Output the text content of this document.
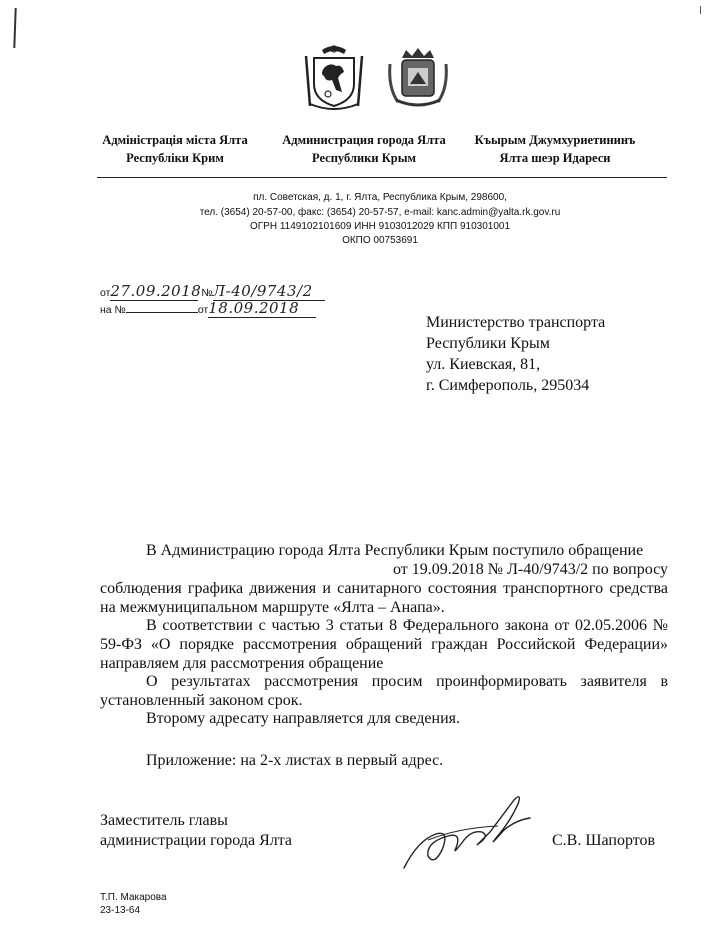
Адміністрація міста Ялта
Республіки Крим
Администрация города Ялта
Республики Крым
Къырым Джумхуриетининъ
Ялта шеэр Идареси
пл. Советская, д. 1, г. Ялта, Республика Крым, 298600,
тел. (3654) 20-57-00, факс: (3654) 20-57-57, e-mail: kanc.admin@yalta.rk.gov.ru
ОГРН 1149102101609 ИНН 9103012029 КПП 910301001
ОКПО 00753691
от27.09.2018 №Л-40/9743/2
на №	от18.09.2018
Министерство транспорта
Республики Крым
ул. Киевская, 81,
г. Симферополь, 295034
В Администрацию города Ялта Республики Крым поступило обращение
от 19.09.2018 № Л-40/9743/2 по вопросу
соблюдения графика движения и санитарного состояния транспортного средства на межмуниципальном маршруте «Ялта – Анапа».
В соответствии с частью 3 статьи 8 Федерального закона от 02.05.2006 № 59-ФЗ «О порядке рассмотрения обращений граждан Российской Федерации» направляем для рассмотрения обращение
О результатах рассмотрения просим проинформировать заявителя в установленный законом срок.
Второму адресату направляется для сведения.
Приложение: на 2-х листах в первый адрес.
Заместитель главы
администрации города Ялта	С.В. Шапортов
Т.П. Макарова
23-13-64
